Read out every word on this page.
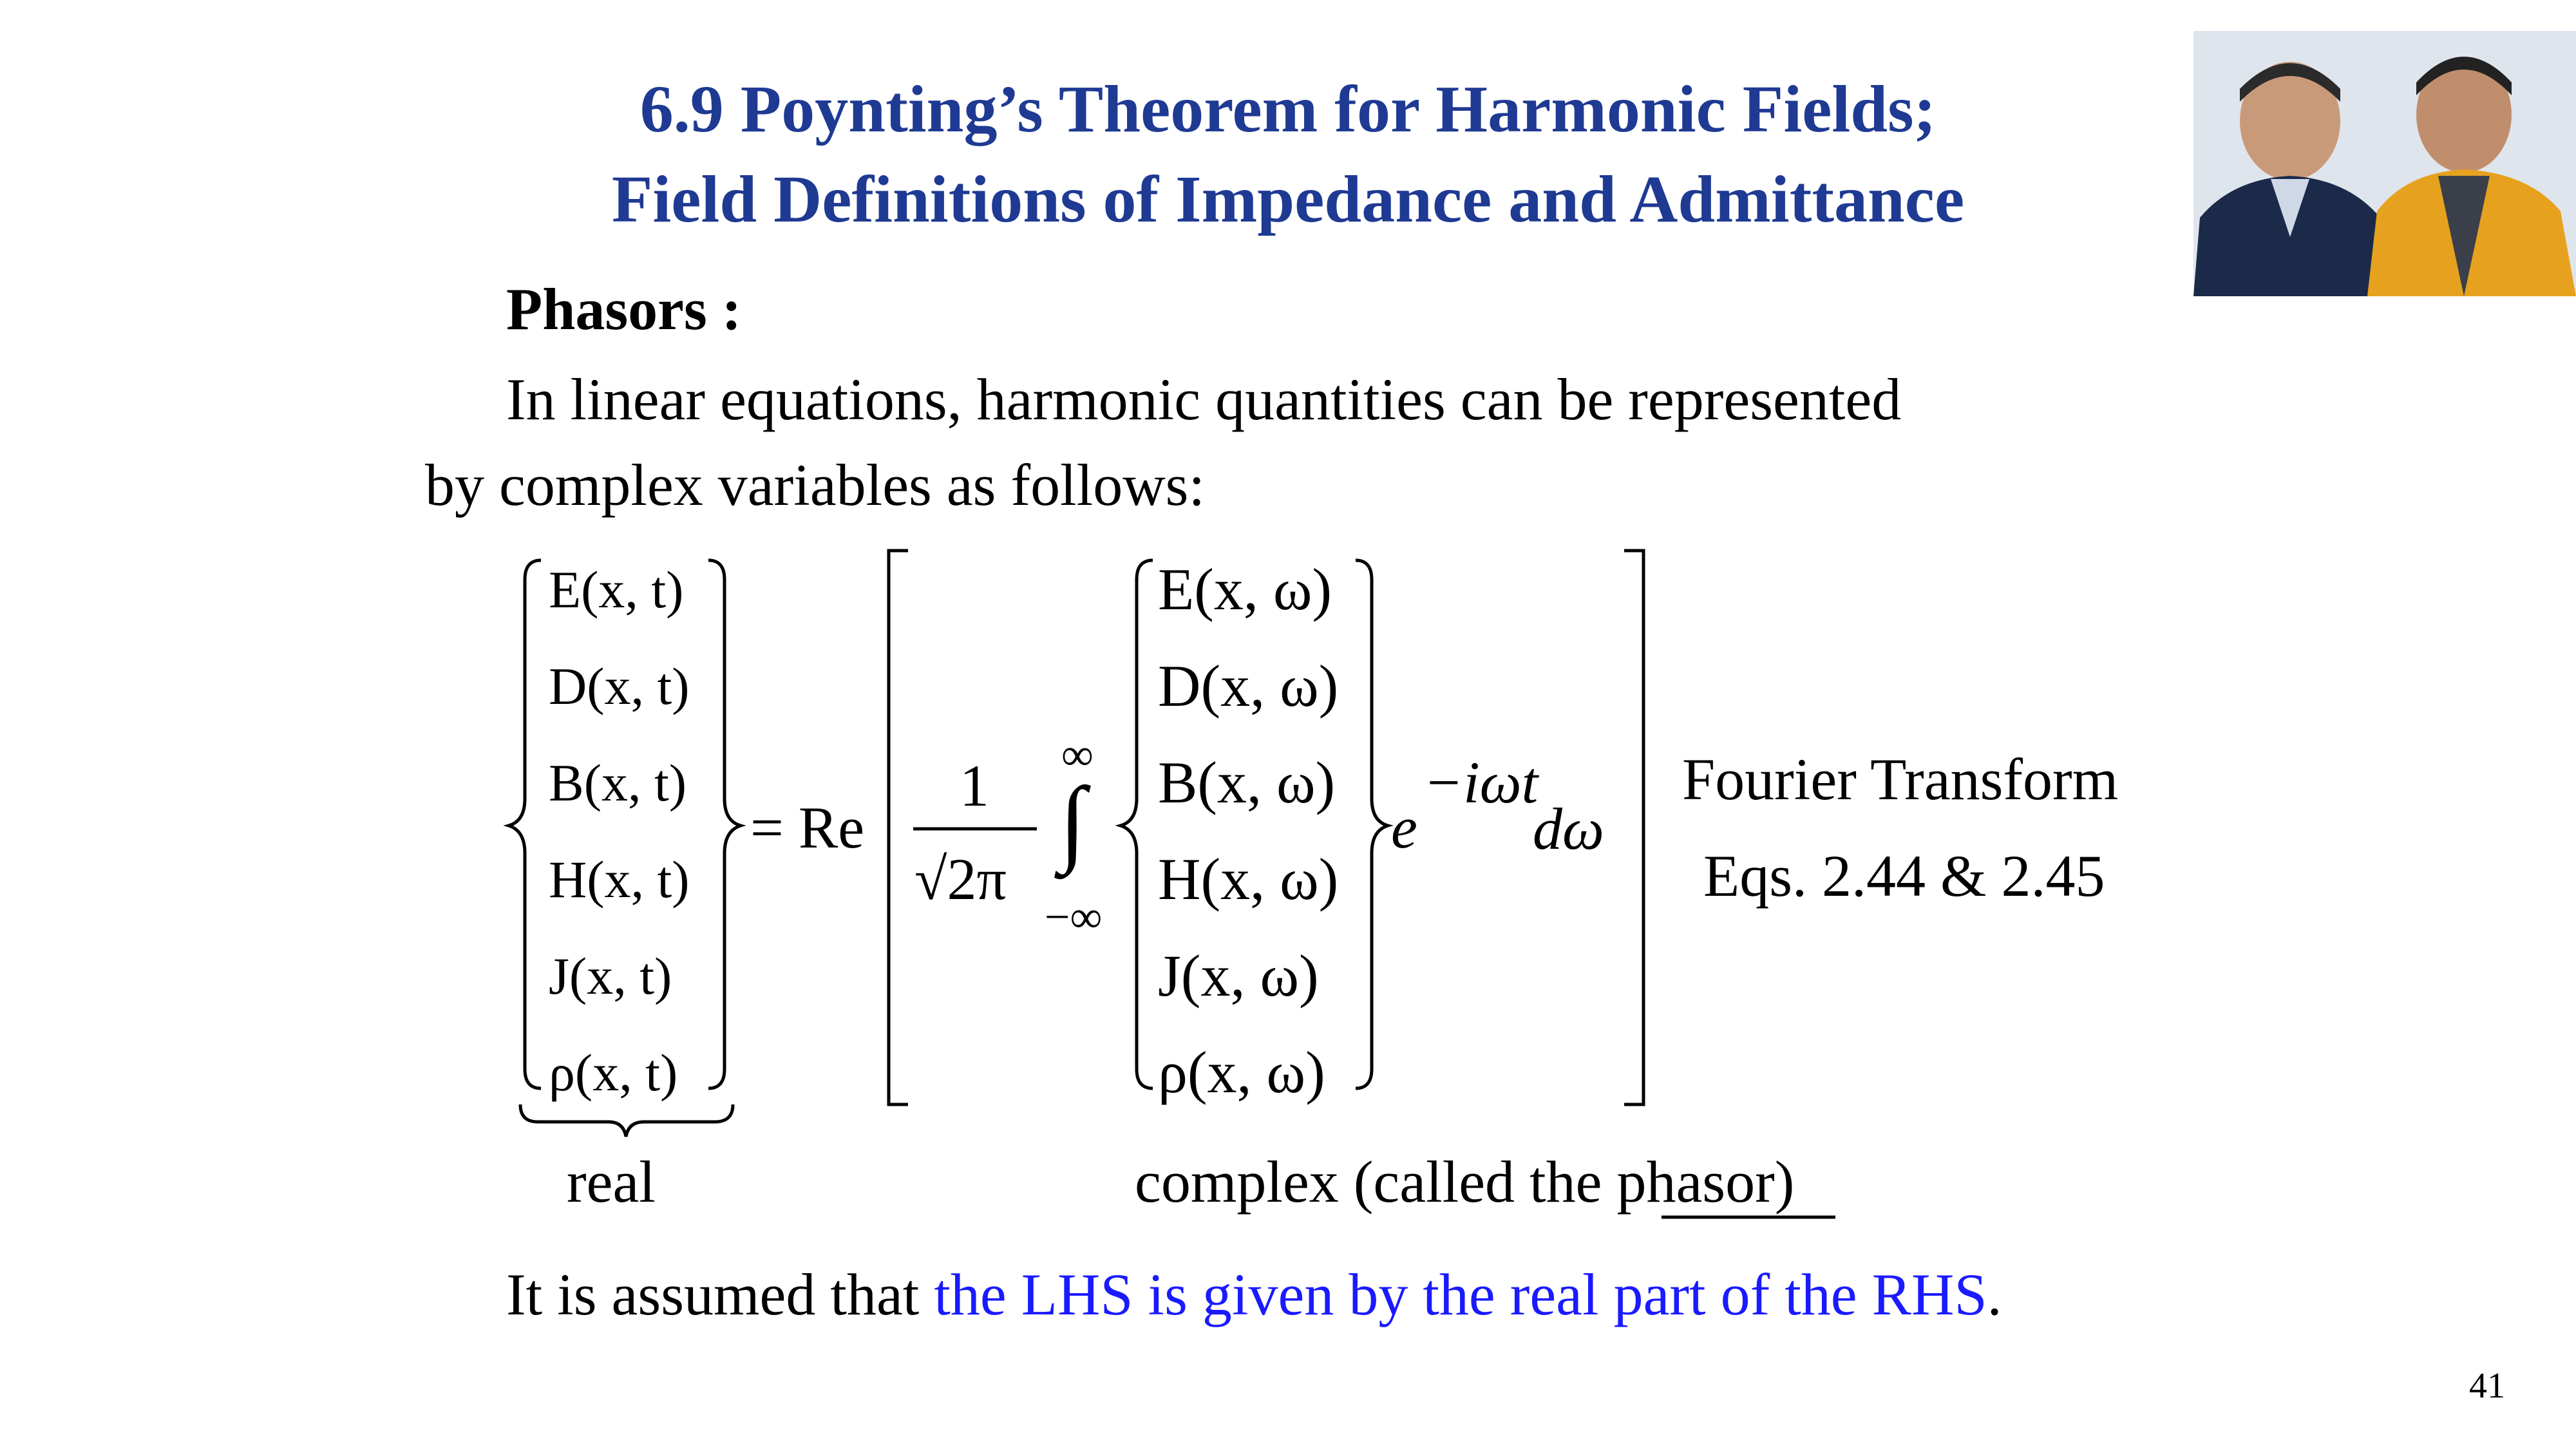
6.9 Poynting’s Theorem for Harmonic Fields;
Field Definitions of Impedance and Admittance
Phasors :
In linear equations, harmonic quantities can be represented
by complex variables as follows:
E(x, t)
D(x, t)
B(x, t)
H(x, t)
J(x, t)
ρ(x, t)
= Re
1
√2π
∞
∫
−∞
E(x, ω)
D(x, ω)
B(x, ω)
H(x, ω)
J(x, ω)
ρ(x, ω)
e
−iωt
dω
Fourier Transform
Eqs. 2.44 & 2.45
real	complex (called the phasor)
It is assumed that the LHS is given by the real part of the RHS.
41
